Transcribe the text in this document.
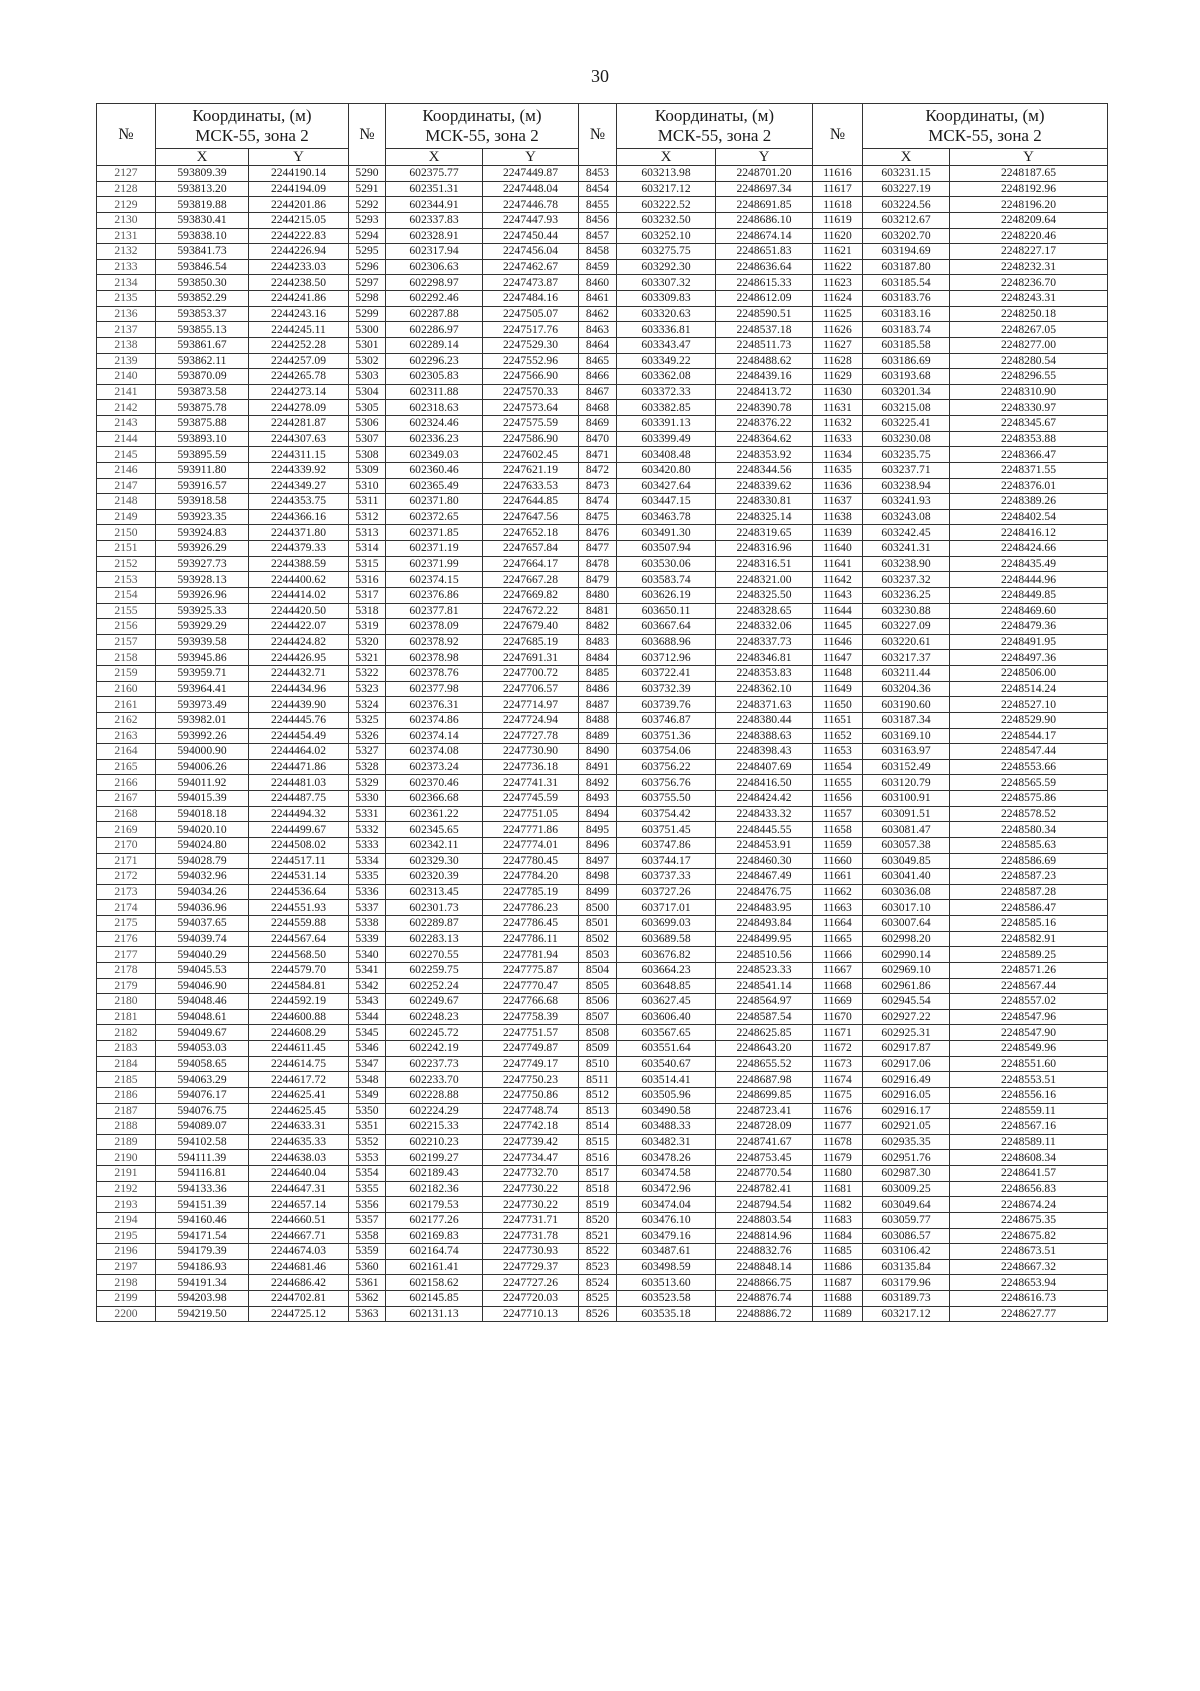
30
№	Координаты, (м)
МСК-55, зона 2		№	Координаты, (м)
МСК-55, зона 2		№	Координаты, (м)
МСК-55, зона 2		№	Координаты, (м)
МСК-55, зона 2	
	X	Y		X	Y		X	Y		X	Y
2127	593809.39	2244190.14	5290	602375.77	2247449.87	8453	603213.98	2248701.20	11616	603231.15	2248187.65
2128	593813.20	2244194.09	5291	602351.31	2247448.04	8454	603217.12	2248697.34	11617	603227.19	2248192.96
2129	593819.88	2244201.86	5292	602344.91	2247446.78	8455	603222.52	2248691.85	11618	603224.56	2248196.20
2130	593830.41	2244215.05	5293	602337.83	2247447.93	8456	603232.50	2248686.10	11619	603212.67	2248209.64
2131	593838.10	2244222.83	5294	602328.91	2247450.44	8457	603252.10	2248674.14	11620	603202.70	2248220.46
2132	593841.73	2244226.94	5295	602317.94	2247456.04	8458	603275.75	2248651.83	11621	603194.69	2248227.17
2133	593846.54	2244233.03	5296	602306.63	2247462.67	8459	603292.30	2248636.64	11622	603187.80	2248232.31
2134	593850.30	2244238.50	5297	602298.97	2247473.87	8460	603307.32	2248615.33	11623	603185.54	2248236.70
2135	593852.29	2244241.86	5298	602292.46	2247484.16	8461	603309.83	2248612.09	11624	603183.76	2248243.31
2136	593853.37	2244243.16	5299	602287.88	2247505.07	8462	603320.63	2248590.51	11625	603183.16	2248250.18
2137	593855.13	2244245.11	5300	602286.97	2247517.76	8463	603336.81	2248537.18	11626	603183.74	2248267.05
2138	593861.67	2244252.28	5301	602289.14	2247529.30	8464	603343.47	2248511.73	11627	603185.58	2248277.00
2139	593862.11	2244257.09	5302	602296.23	2247552.96	8465	603349.22	2248488.62	11628	603186.69	2248280.54
2140	593870.09	2244265.78	5303	602305.83	2247566.90	8466	603362.08	2248439.16	11629	603193.68	2248296.55
2141	593873.58	2244273.14	5304	602311.88	2247570.33	8467	603372.33	2248413.72	11630	603201.34	2248310.90
2142	593875.78	2244278.09	5305	602318.63	2247573.64	8468	603382.85	2248390.78	11631	603215.08	2248330.97
2143	593875.88	2244281.87	5306	602324.46	2247575.59	8469	603391.13	2248376.22	11632	603225.41	2248345.67
2144	593893.10	2244307.63	5307	602336.23	2247586.90	8470	603399.49	2248364.62	11633	603230.08	2248353.88
2145	593895.59	2244311.15	5308	602349.03	2247602.45	8471	603408.48	2248353.92	11634	603235.75	2248366.47
2146	593911.80	2244339.92	5309	602360.46	2247621.19	8472	603420.80	2248344.56	11635	603237.71	2248371.55
2147	593916.57	2244349.27	5310	602365.49	2247633.53	8473	603427.64	2248339.62	11636	603238.94	2248376.01
2148	593918.58	2244353.75	5311	602371.80	2247644.85	8474	603447.15	2248330.81	11637	603241.93	2248389.26
2149	593923.35	2244366.16	5312	602372.65	2247647.56	8475	603463.78	2248325.14	11638	603243.08	2248402.54
2150	593924.83	2244371.80	5313	602371.85	2247652.18	8476	603491.30	2248319.65	11639	603242.45	2248416.12
2151	593926.29	2244379.33	5314	602371.19	2247657.84	8477	603507.94	2248316.96	11640	603241.31	2248424.66
2152	593927.73	2244388.59	5315	602371.99	2247664.17	8478	603530.06	2248316.51	11641	603238.90	2248435.49
2153	593928.13	2244400.62	5316	602374.15	2247667.28	8479	603583.74	2248321.00	11642	603237.32	2248444.96
2154	593926.96	2244414.02	5317	602376.86	2247669.82	8480	603626.19	2248325.50	11643	603236.25	2248449.85
2155	593925.33	2244420.50	5318	602377.81	2247672.22	8481	603650.11	2248328.65	11644	603230.88	2248469.60
2156	593929.29	2244422.07	5319	602378.09	2247679.40	8482	603667.64	2248332.06	11645	603227.09	2248479.36
2157	593939.58	2244424.82	5320	602378.92	2247685.19	8483	603688.96	2248337.73	11646	603220.61	2248491.95
2158	593945.86	2244426.95	5321	602378.98	2247691.31	8484	603712.96	2248346.81	11647	603217.37	2248497.36
2159	593959.71	2244432.71	5322	602378.76	2247700.72	8485	603722.41	2248353.83	11648	603211.44	2248506.00
2160	593964.41	2244434.96	5323	602377.98	2247706.57	8486	603732.39	2248362.10	11649	603204.36	2248514.24
2161	593973.49	2244439.90	5324	602376.31	2247714.97	8487	603739.76	2248371.63	11650	603190.60	2248527.10
2162	593982.01	2244445.76	5325	602374.86	2247724.94	8488	603746.87	2248380.44	11651	603187.34	2248529.90
2163	593992.26	2244454.49	5326	602374.14	2247727.78	8489	603751.36	2248388.63	11652	603169.10	2248544.17
2164	594000.90	2244464.02	5327	602374.08	2247730.90	8490	603754.06	2248398.43	11653	603163.97	2248547.44
2165	594006.26	2244471.86	5328	602373.24	2247736.18	8491	603756.22	2248407.69	11654	603152.49	2248553.66
2166	594011.92	2244481.03	5329	602370.46	2247741.31	8492	603756.76	2248416.50	11655	603120.79	2248565.59
2167	594015.39	2244487.75	5330	602366.68	2247745.59	8493	603755.50	2248424.42	11656	603100.91	2248575.86
2168	594018.18	2244494.32	5331	602361.22	2247751.05	8494	603754.42	2248433.32	11657	603091.51	2248578.52
2169	594020.10	2244499.67	5332	602345.65	2247771.86	8495	603751.45	2248445.55	11658	603081.47	2248580.34
2170	594024.80	2244508.02	5333	602342.11	2247774.01	8496	603747.86	2248453.91	11659	603057.38	2248585.63
2171	594028.79	2244517.11	5334	602329.30	2247780.45	8497	603744.17	2248460.30	11660	603049.85	2248586.69
2172	594032.96	2244531.14	5335	602320.39	2247784.20	8498	603737.33	2248467.49	11661	603041.40	2248587.23
2173	594034.26	2244536.64	5336	602313.45	2247785.19	8499	603727.26	2248476.75	11662	603036.08	2248587.28
2174	594036.96	2244551.93	5337	602301.73	2247786.23	8500	603717.01	2248483.95	11663	603017.10	2248586.47
2175	594037.65	2244559.88	5338	602289.87	2247786.45	8501	603699.03	2248493.84	11664	603007.64	2248585.16
2176	594039.74	2244567.64	5339	602283.13	2247786.11	8502	603689.58	2248499.95	11665	602998.20	2248582.91
2177	594040.29	2244568.50	5340	602270.55	2247781.94	8503	603676.82	2248510.56	11666	602990.14	2248589.25
2178	594045.53	2244579.70	5341	602259.75	2247775.87	8504	603664.23	2248523.33	11667	602969.10	2248571.26
2179	594046.90	2244584.81	5342	602252.24	2247770.47	8505	603648.85	2248541.14	11668	602961.86	2248567.44
2180	594048.46	2244592.19	5343	602249.67	2247766.68	8506	603627.45	2248564.97	11669	602945.54	2248557.02
2181	594048.61	2244600.88	5344	602248.23	2247758.39	8507	603606.40	2248587.54	11670	602927.22	2248547.96
2182	594049.67	2244608.29	5345	602245.72	2247751.57	8508	603567.65	2248625.85	11671	602925.31	2248547.90
2183	594053.03	2244611.45	5346	602242.19	2247749.87	8509	603551.64	2248643.20	11672	602917.87	2248549.96
2184	594058.65	2244614.75	5347	602237.73	2247749.17	8510	603540.67	2248655.52	11673	602917.06	2248551.60
2185	594063.29	2244617.72	5348	602233.70	2247750.23	8511	603514.41	2248687.98	11674	602916.49	2248553.51
2186	594076.17	2244625.41	5349	602228.88	2247750.86	8512	603505.96	2248699.85	11675	602916.05	2248556.16
2187	594076.75	2244625.45	5350	602224.29	2247748.74	8513	603490.58	2248723.41	11676	602916.17	2248559.11
2188	594089.07	2244633.31	5351	602215.33	2247742.18	8514	603488.33	2248728.09	11677	602921.05	2248567.16
2189	594102.58	2244635.33	5352	602210.23	2247739.42	8515	603482.31	2248741.67	11678	602935.35	2248589.11
2190	594111.39	2244638.03	5353	602199.27	2247734.47	8516	603478.26	2248753.45	11679	602951.76	2248608.34
2191	594116.81	2244640.04	5354	602189.43	2247732.70	8517	603474.58	2248770.54	11680	602987.30	2248641.57
2192	594133.36	2244647.31	5355	602182.36	2247730.22	8518	603472.96	2248782.41	11681	603009.25	2248656.83
2193	594151.39	2244657.14	5356	602179.53	2247730.22	8519	603474.04	2248794.54	11682	603049.64	2248674.24
2194	594160.46	2244660.51	5357	602177.26	2247731.71	8520	603476.10	2248803.54	11683	603059.77	2248675.35
2195	594171.54	2244667.71	5358	602169.83	2247731.78	8521	603479.16	2248814.96	11684	603086.57	2248675.82
2196	594179.39	2244674.03	5359	602164.74	2247730.93	8522	603487.61	2248832.76	11685	603106.42	2248673.51
2197	594186.93	2244681.46	5360	602161.41	2247729.37	8523	603498.59	2248848.14	11686	603135.84	2248667.32
2198	594191.34	2244686.42	5361	602158.62	2247727.26	8524	603513.60	2248866.75	11687	603179.96	2248653.94
2199	594203.98	2244702.81	5362	602145.85	2247720.03	8525	603523.58	2248876.74	11688	603189.73	2248616.73
2200	594219.50	2244725.12	5363	602131.13	2247710.13	8526	603535.18	2248886.72	11689	603217.12	2248627.77
